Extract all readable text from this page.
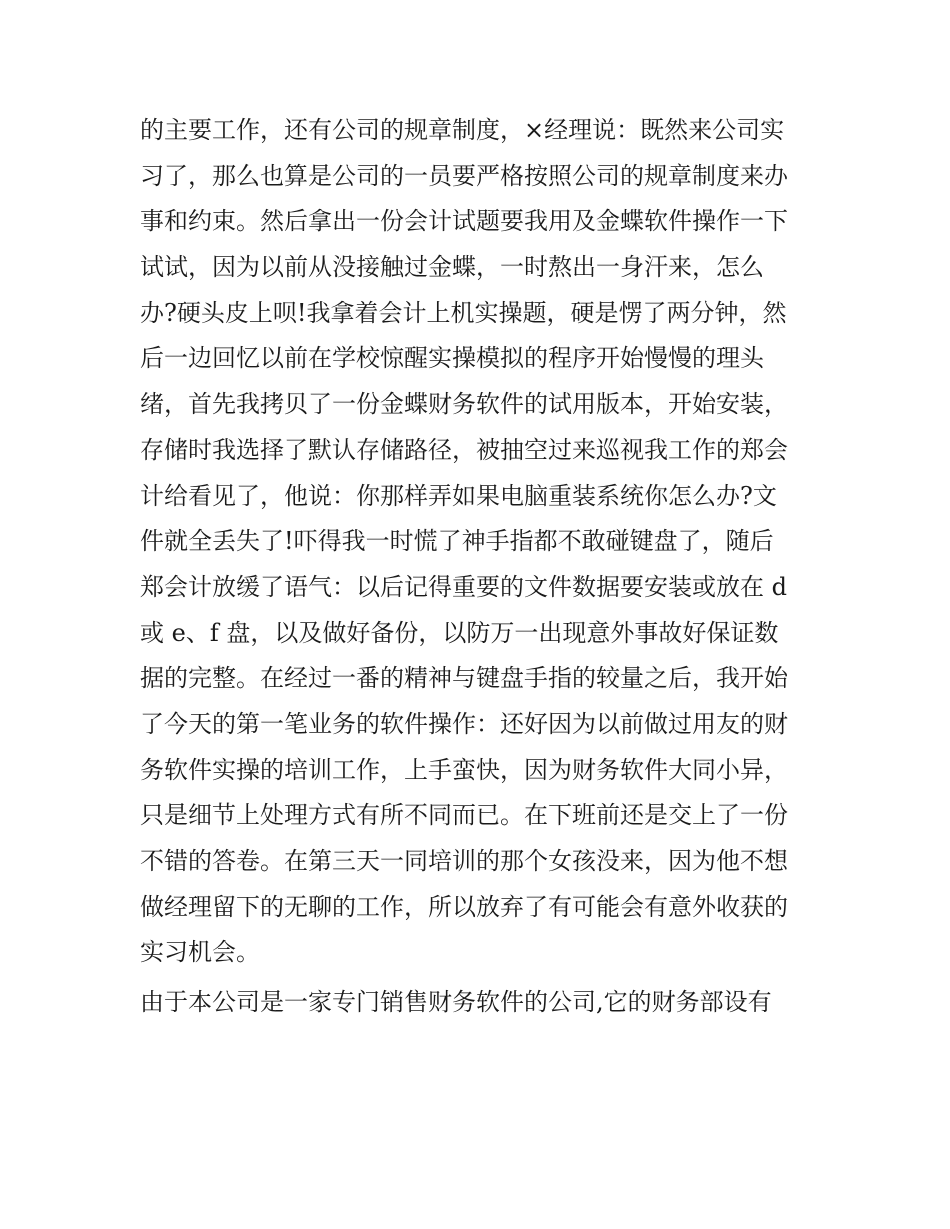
的主要工作，还有公司的规章制度，×经理说：既然来公司实
习了，那么也算是公司的一员要严格按照公司的规章制度来办
事和约束。然后拿出一份会计试题要我用及金蝶软件操作一下
试试，因为以前从没接触过金蝶，一时熬出一身汗来，怎么
办?硬头皮上呗!我拿着会计上机实操题，硬是愣了两分钟，然
后一边回忆以前在学校惊醒实操模拟的程序开始慢慢的理头
绪，首先我拷贝了一份金蝶财务软件的试用版本，开始安装，
存储时我选择了默认存储路径，被抽空过来巡视我工作的郑会
计给看见了，他说：你那样弄如果电脑重装系统你怎么办?文
件就全丢失了!吓得我一时慌了神手指都不敢碰键盘了，随后
郑会计放缓了语气：以后记得重要的文件数据要安装或放在 d
或 e、f 盘，以及做好备份，以防万一出现意外事故好保证数
据的完整。在经过一番的精神与键盘手指的较量之后，我开始
了今天的第一笔业务的软件操作：还好因为以前做过用友的财
务软件实操的培训工作，上手蛮快，因为财务软件大同小异，
只是细节上处理方式有所不同而已。在下班前还是交上了一份
不错的答卷。在第三天一同培训的那个女孩没来，因为他不想
做经理留下的无聊的工作，所以放弃了有可能会有意外收获的
实习机会。
由于本公司是一家专门销售财务软件的公司,它的财务部设有
